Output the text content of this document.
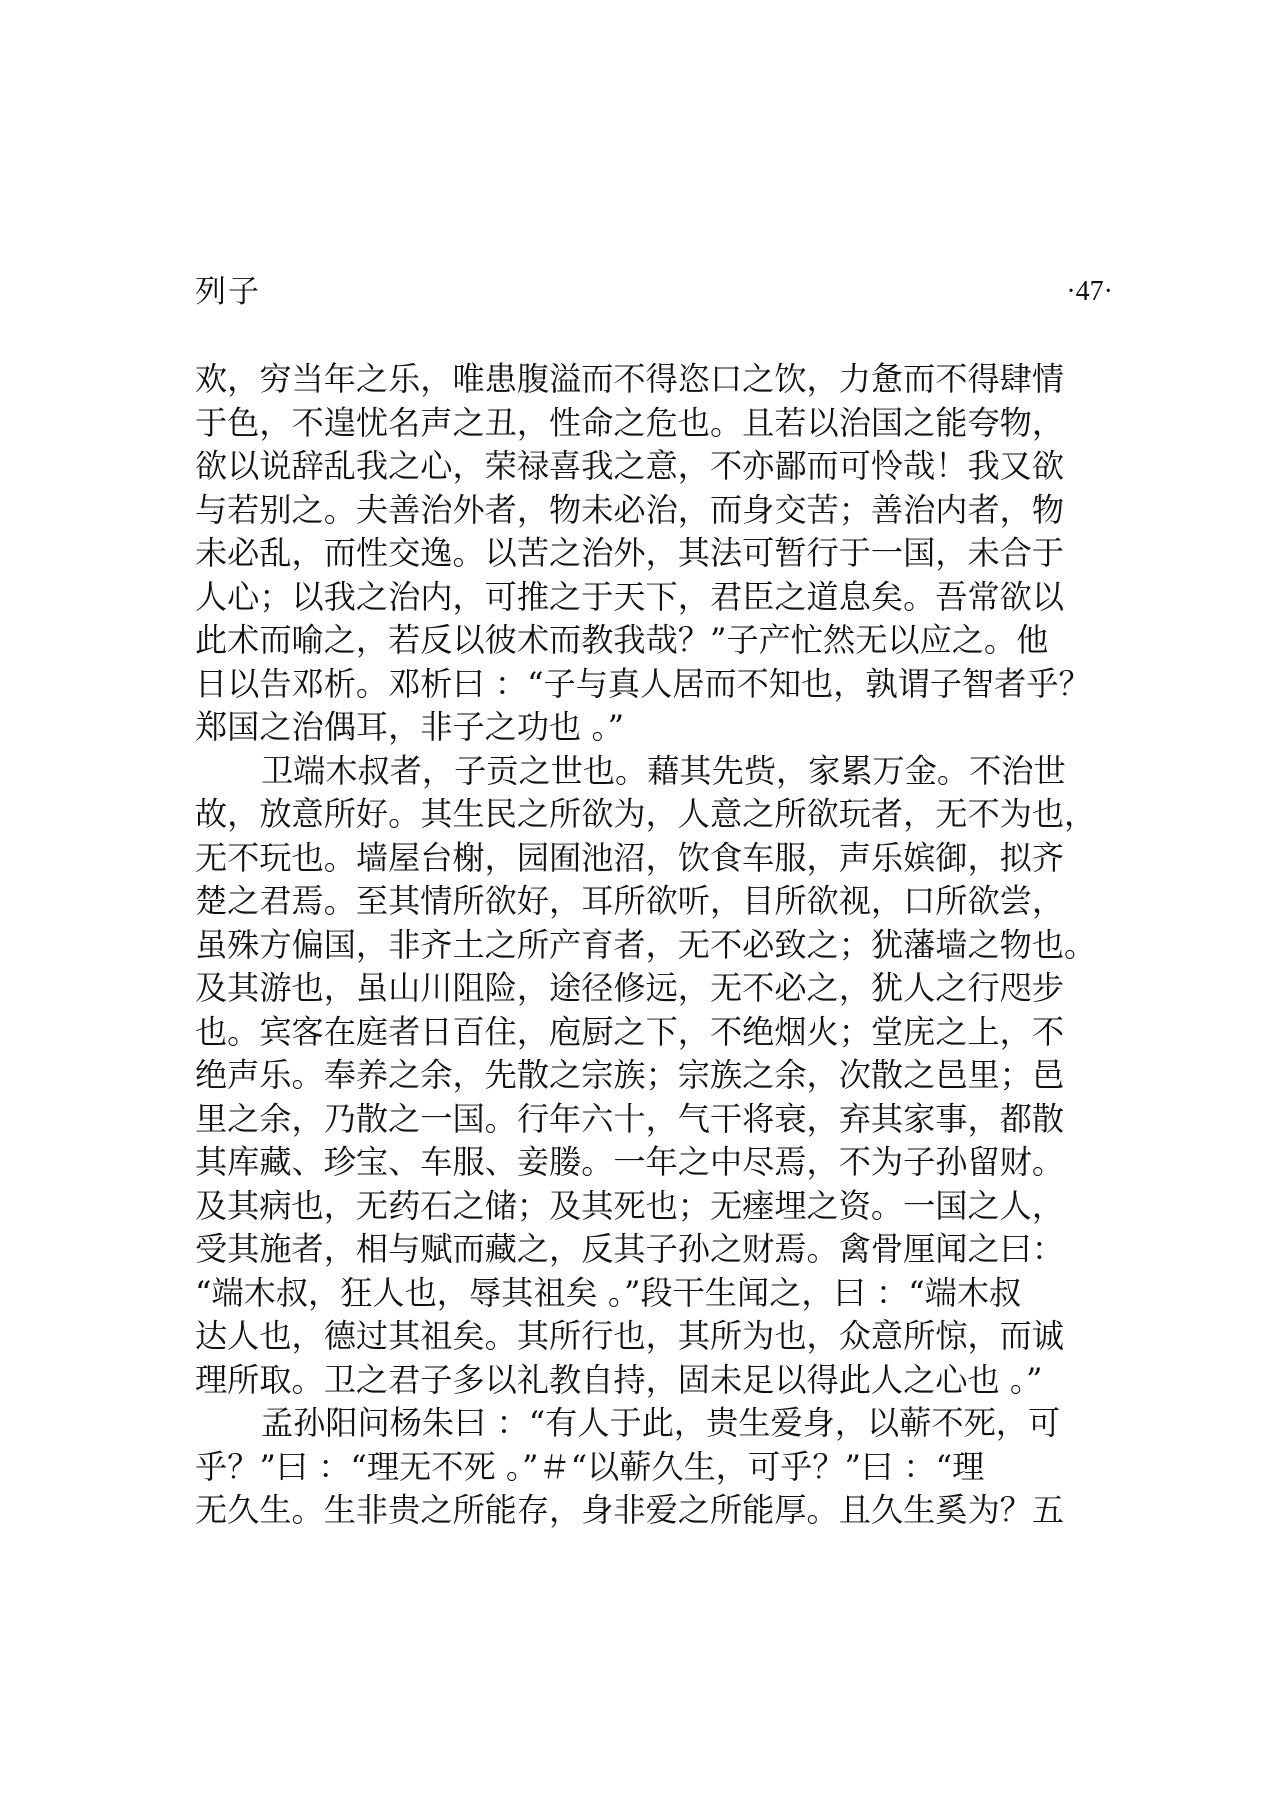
列子	·47·
欢，穷当年之乐，唯患腹溢而不得恣口之饮，力惫而不得肆情
于色，不遑忧名声之丑，性命之危也。且若以治国之能夸物，
欲以说辞乱我之心，荣禄喜我之意，不亦鄙而可怜哉！我又欲
与若别之。夫善治外者，物未必治，而身交苦；善治内者，物
未必乱，而性交逸。以苦之治外，其法可暂行于一国，未合于
人心；以我之治内，可推之于天下，君臣之道息矣。吾常欲以
此术而喻之，若反以彼术而教我哉？”子产忙然无以应之。他
日以告邓析。邓析曰 ：“子与真人居而不知也，孰谓子智者乎？
郑国之治偶耳，非子之功也 。”
卫端木叔者，子贡之世也。藉其先赀，家累万金。不治世
故，放意所好。其生民之所欲为，人意之所欲玩者，无不为也，
无不玩也。墙屋台榭，园囿池沼，饮食车服，声乐嫔御，拟齐
楚之君焉。至其情所欲好，耳所欲听，目所欲视，口所欲尝，
虽殊方偏国，非齐土之所产育者，无不必致之；犹藩墙之物也。
及其游也，虽山川阻险，途径修远，无不必之，犹人之行咫步
也。宾客在庭者日百住，庖厨之下，不绝烟火；堂庑之上，不
绝声乐。奉养之余，先散之宗族；宗族之余，次散之邑里；邑
里之余，乃散之一国。行年六十，气干将衰，弃其家事，都散
其库藏、珍宝、车服、妾媵。一年之中尽焉，不为子孙留财。
及其病也，无药石之储；及其死也；无瘗埋之资。一国之人，
受其施者，相与赋而藏之，反其子孙之财焉。禽骨厘闻之曰：
“端木叔，狂人也，辱其祖矣 。”段干生闻之，曰 ：“端木叔
达人也，德过其祖矣。其所行也，其所为也，众意所惊，而诚
理所取。卫之君子多以礼教自持，固未足以得此人之心也 。”
孟孙阳问杨朱曰 ：“有人于此，贵生爱身，以蕲不死，可
乎？”曰 ：“理无不死 。”＃“以蕲久生，可乎？”曰 ：“理
无久生。生非贵之所能存，身非爱之所能厚。且久生奚为？五
